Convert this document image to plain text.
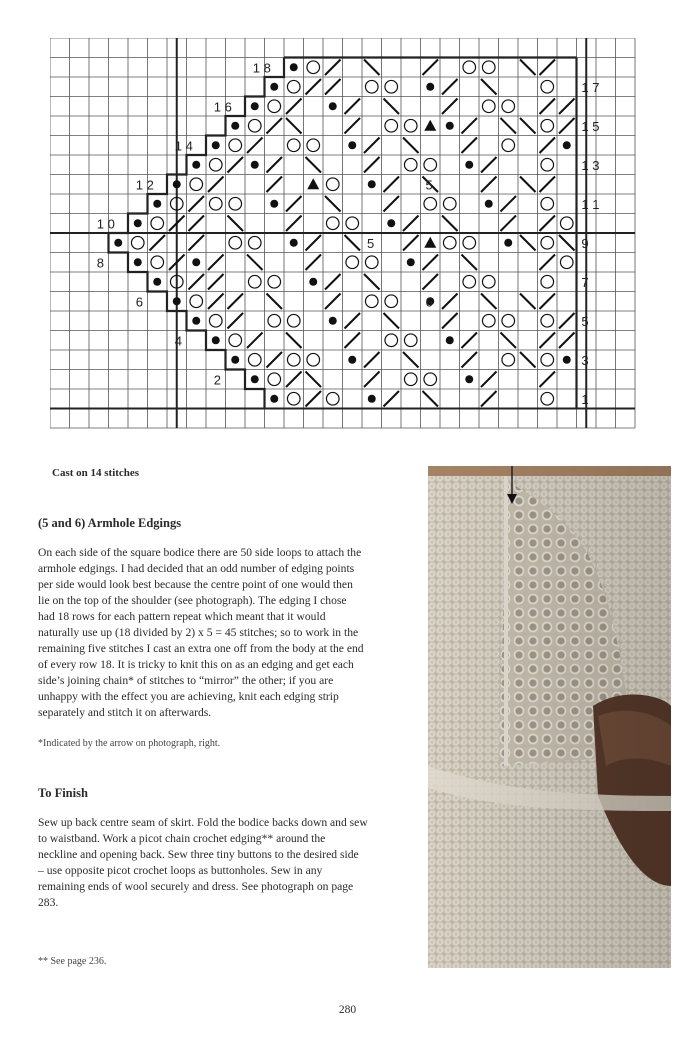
1
2
3
4
5
6
7
8
9
1 0
1 1
1 2
1 3
1 4
1 5
1 6
1 7
1 8
6
5
5
Cast on 14 stitches
(5 and 6) Armhole Edgings
On each side of the square bodice there are 50 side loops to attach the
armhole edgings. I had decided that an odd number of edging points
per side would look best because the centre point of one would then
lie on the top of the shoulder (see photograph). The edging I chose
had 18 rows for each pattern repeat which meant that it would
naturally use up (18 divided by 2) x 5 = 45 stitches; so to work in the
remaining five stitches I cast an extra one off from the body at the end
of every row 18. It is tricky to knit this on as an edging and get each
side’s joining chain* of stitches to “mirror” the other; if you are
unhappy with the effect you are achieving, knit each edging strip
separately and stitch it on afterwards.
*Indicated by the arrow on photograph, right.
To Finish
Sew up back centre seam of skirt. Fold the bodice backs down and sew
to waistband. Work a picot chain crochet edging** around the
neckline and opening back. Sew three tiny buttons to the desired side
– use opposite picot crochet loops as buttonholes. Sew in any
remaining ends of wool securely and dress. See photograph on page
283.
** See page 236.
280
